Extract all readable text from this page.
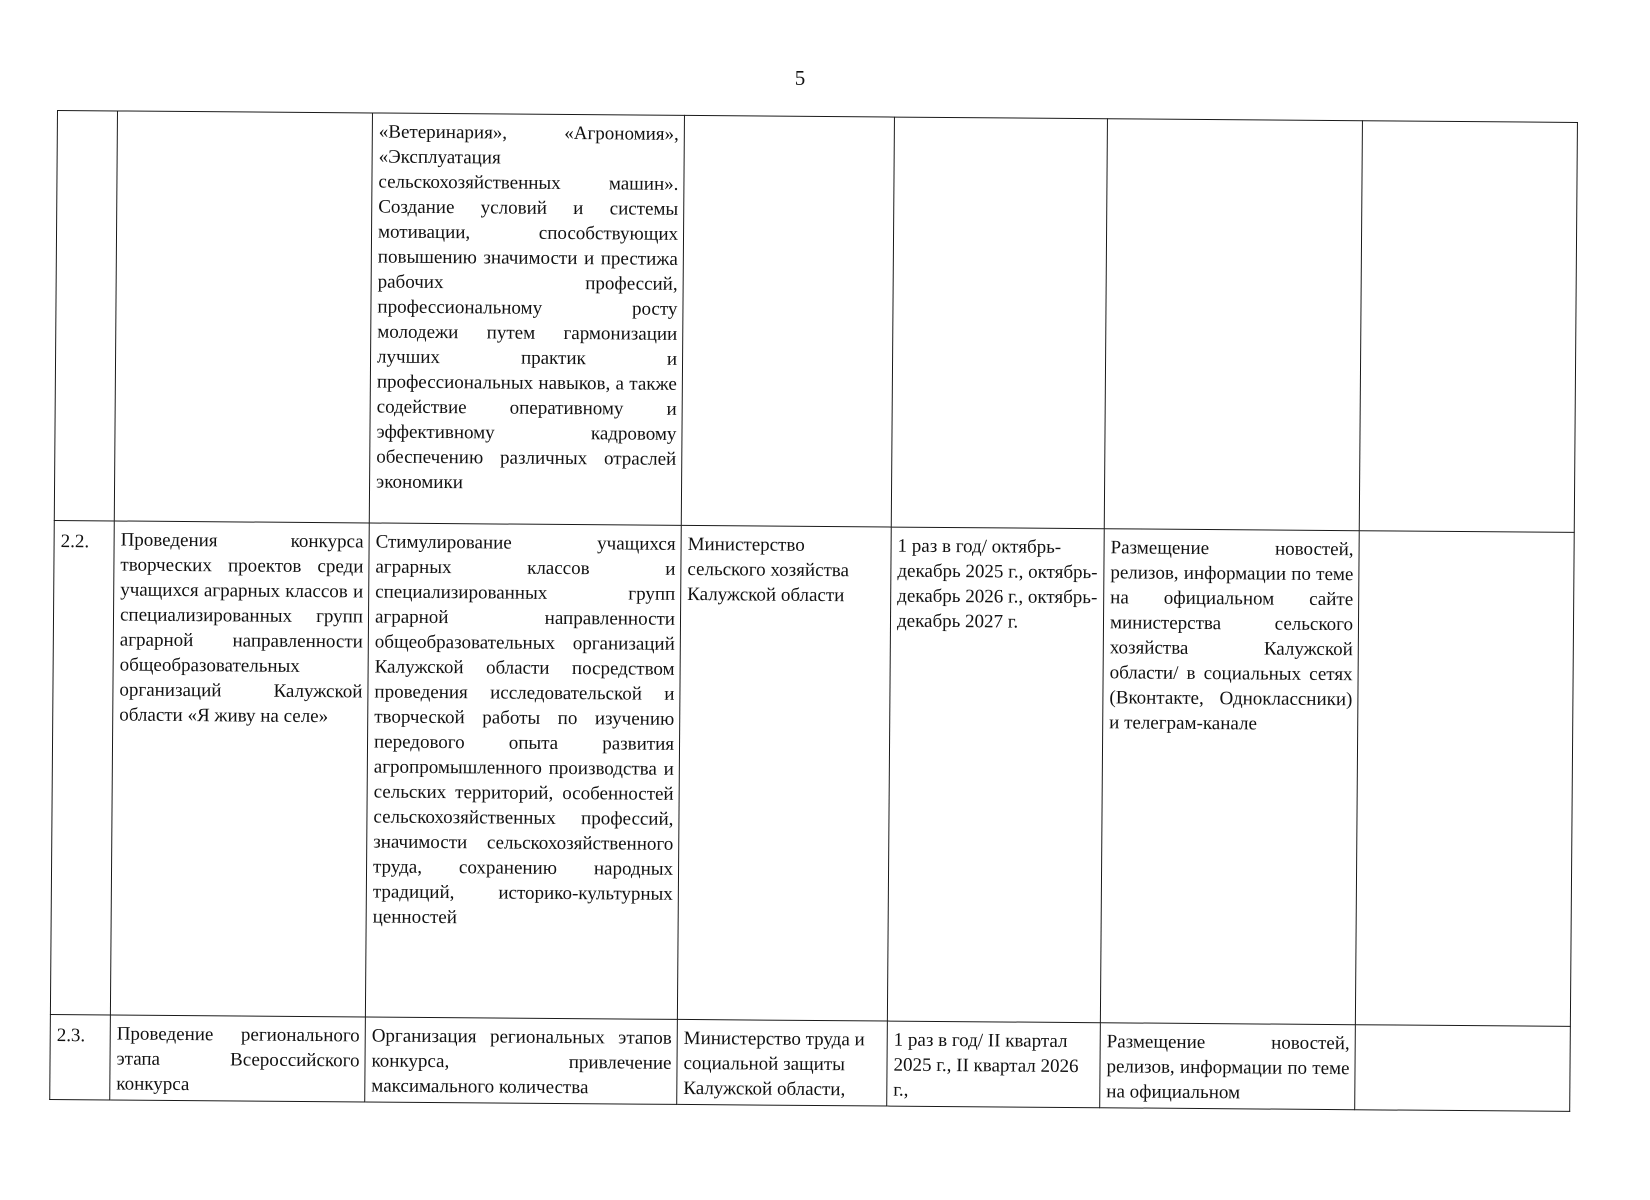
5
		«Ветеринария», «Агрономия», «Эксплуатация сельскохозяйственных машин». Создание условий и системы мотивации, способствующих повышению значимости и престижа рабочих профессий, профессиональному росту молодежи путем гармонизации лучших практик и профессиональных навыков, а также содействие оперативному и эффективному кадровому обеспечению различных отраслей экономики				
2.2.	Проведения конкурса творческих проектов среди учащихся аграрных классов и специализированных групп аграрной направленности общеобразовательных организаций Калужской области «Я живу на селе»	Стимулирование учащихся аграрных классов и специализированных групп аграрной направленности общеобразовательных организаций Калужской области посредством проведения исследовательской и творческой работы по изучению передового опыта развития агропромышленного производства и сельских территорий, особенностей сельскохозяйственных профессий, значимости сельскохозяйственного труда, сохранению народных традиций, историко-культурных ценностей	Министерство сельского хозяйства Калужской области	1 раз в год/ октябрь-декабрь 2025 г., октябрь-декабрь 2026 г., октябрь-декабрь 2027 г.	Размещение новостей, релизов, информации по теме на официальном сайте министерства сельского хозяйства Калужской области/ в социальных сетях (Вконтакте, Одноклассники) и телеграм-канале	
2.3.	Проведение регионального этапа Всероссийского конкурса	Организация региональных этапов конкурса, привлечение максимального количества	Министерство труда и социальной защиты Калужской области,	1 раз в год/ II квартал 2025 г., II квартал 2026 г.,	Размещение новостей, релизов, информации по теме на официальном	
